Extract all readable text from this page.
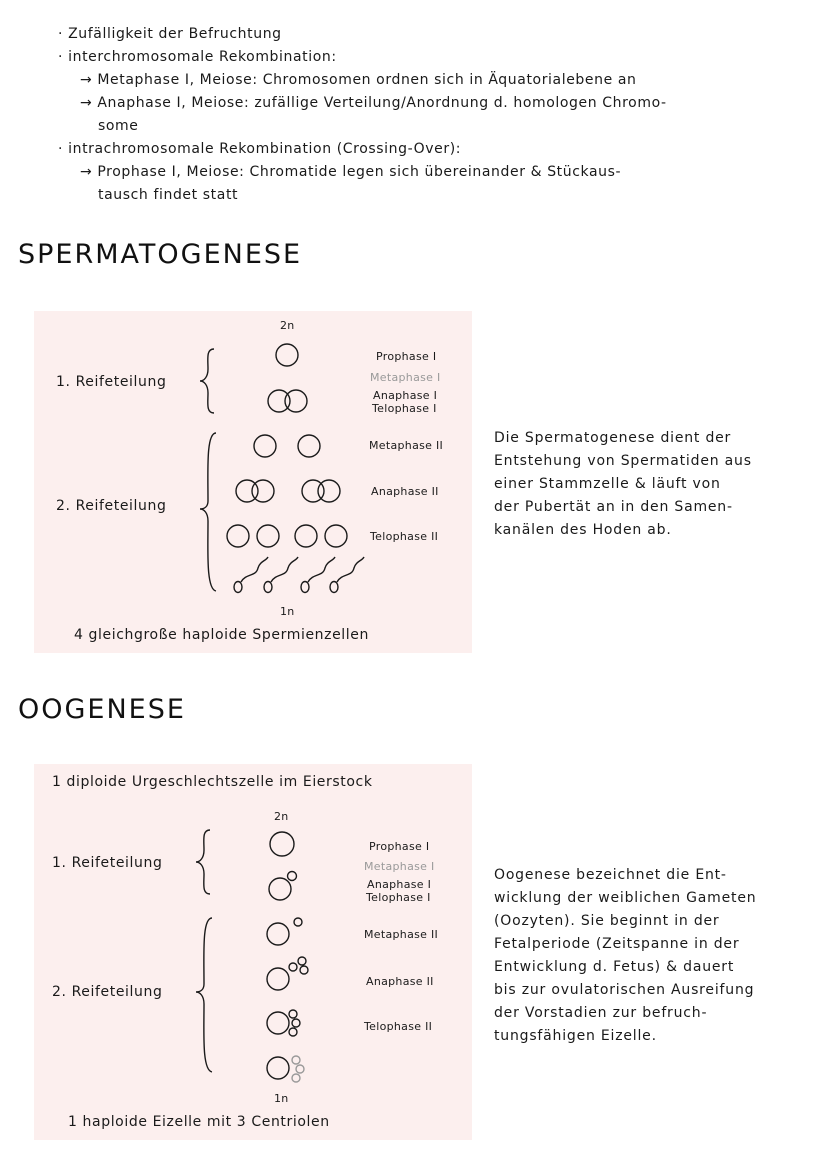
· Zufälligkeit der Befruchtung
· interchromosomale Rekombination:
→ Metaphase I, Meiose: Chromosomen ordnen sich in Äquatorialebene an
→ Anaphase I, Meiose: zufällige Verteilung/Anordnung d. homologen Chromo-
some
· intrachromosomale Rekombination (Crossing-Over):
→ Prophase I, Meiose: Chromatide legen sich übereinander & Stückaus-
tausch findet statt
SPERMATOGENESE
2n
1. Reifeteilung
2. Reifeteilung
Prophase I
Metaphase I
Anaphase I
Telophase I
Metaphase II
Anaphase II
Telophase II
1n
4 gleichgroße haploide Spermienzellen
Die Spermatogenese dient der
Entstehung von Spermatiden aus
einer Stammzelle & läuft von
der Pubertät an in den Samen-
kanälen des Hoden ab.
OOGENESE
1 diploide Urgeschlechtszelle im Eierstock
2n
1. Reifeteilung
2. Reifeteilung
Prophase I
Metaphase I
Anaphase I
Telophase I
Metaphase II
Anaphase II
Telophase II
1n
1 haploide Eizelle mit 3 Centriolen
Oogenese bezeichnet die Ent-
wicklung der weiblichen Gameten
(Oozyten). Sie beginnt in der
Fetalperiode (Zeitspanne in der
Entwicklung d. Fetus) & dauert
bis zur ovulatorischen Ausreifung
der Vorstadien zur befruch-
tungsfähigen Eizelle.
